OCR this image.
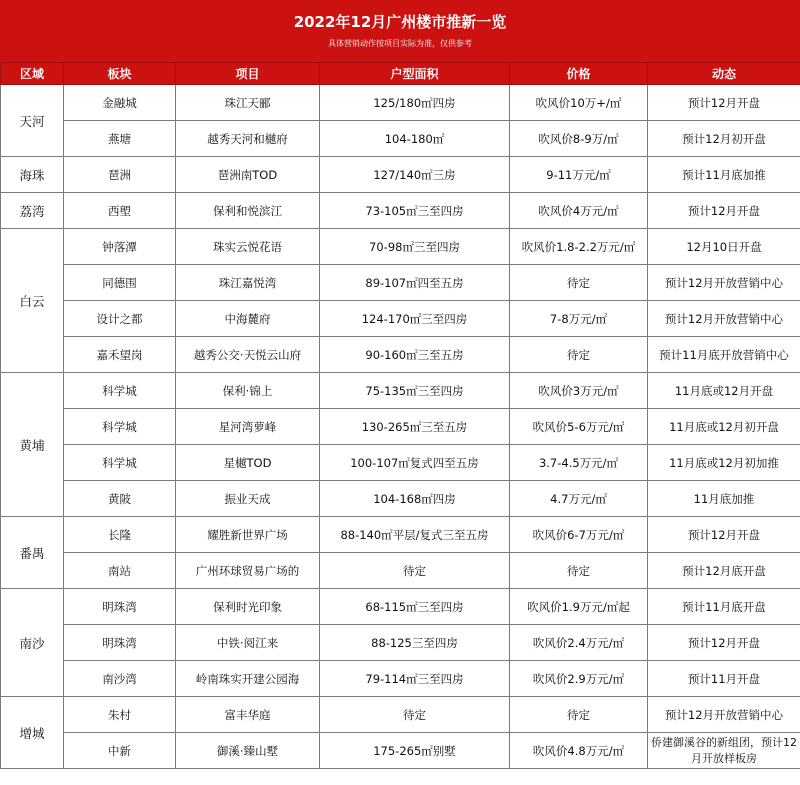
2022年12月广州楼市推新一览
具体营销动作按项目实际为准，仅供参考
区域	板块	项目	户型面积	价格	动态
天河	金融城	珠江天郦	125/180㎡四房	吹风价10万+/㎡	预计12月开盘
	燕塘	越秀天河和樾府	104-180㎡	吹风价8-9万/㎡	预计12月初开盘
海珠	琶洲	琶洲南TOD	127/140㎡三房	9-11万元/㎡	预计11月底加推
荔湾	西塱	保利和悦滨江	73-105㎡三至四房	吹风价4万元/㎡	预计12月开盘
白云	钟落潭	珠实云悦花语	70-98㎡三至四房	吹风价1.8-2.2万元/㎡	12月10日开盘
	同德围	珠江嘉悦湾	89-107㎡四至五房	待定	预计12月开放营销中心
	设计之都	中海麓府	124-170㎡三至四房	7-8万元/㎡	预计12月开放营销中心
	嘉禾望岗	越秀公交·天悦云山府	90-160㎡三至五房	待定	预计11月底开放营销中心
黄埔	科学城	保利·锦上	75-135㎡三至四房	吹风价3万元/㎡	11月底或12月开盘
	科学城	星河湾萝峰	130-265㎡三至五房	吹风价5-6万元/㎡	11月底或12月初开盘
	科学城	星樾TOD	100-107㎡复式四至五房	3.7-4.5万元/㎡	11月底或12月初加推
	黄陂	振业天成	104-168㎡四房	4.7万元/㎡	11月底加推
番禺	长隆	耀胜新世界广场	88-140㎡平层/复式三至五房	吹风价6-7万元/㎡	预计12月开盘
	南站	广州环球贸易广场的	待定	待定	预计12月底开盘
南沙	明珠湾	保利时光印象	68-115㎡三至四房	吹风价1.9万元/㎡起	预计11月底开盘
	明珠湾	中铁·阅江来	88-125三至四房	吹风价2.4万元/㎡	预计12月开盘
	南沙湾	岭南珠实开建公园海	79-114㎡三至四房	吹风价2.9万元/㎡	预计11月开盘
增城	朱村	富丰华庭	待定	待定	预计12月开放营销中心
	中新	御溪·臻山墅	175-265㎡别墅	吹风价4.8万元/㎡	侨建御溪谷的新组团，预计12月开放样板房
